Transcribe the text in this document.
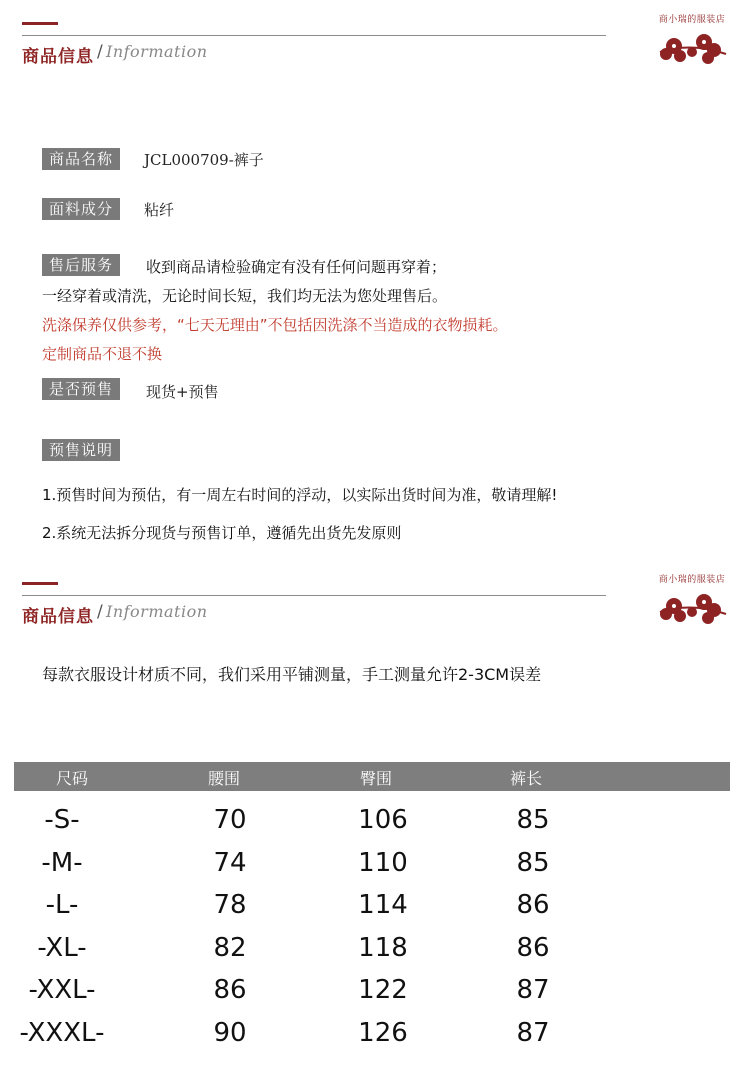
商品信息 / Information
商小瑞的服装店
商品名称	JCL000709-裤子
面料成分	粘纤
售后服务	收到商品请检验确定有没有任何问题再穿着；
一经穿着或清洗，无论时间长短，我们均无法为您处理售后。
洗涤保养仅供参考，“七天无理由”不包括因洗涤不当造成的衣物损耗。
定制商品不退不换
是否预售	现货+预售
预售说明
1.预售时间为预估，有一周左右时间的浮动，以实际出货时间为准，敬请理解!
2.系统无法拆分现货与预售订单，遵循先出货先发原则
商品信息 / Information
商小瑞的服装店
每款衣服设计材质不同，我们采用平铺测量，手工测量允许2-3CM误差
尺码	腰围	臀围	裤长
-S-	70	106	85
-M-	74	110	85
-L-	78	114	86
-XL-	82	118	86
-XXL-	86	122	87
-XXXL-	90	126	87
